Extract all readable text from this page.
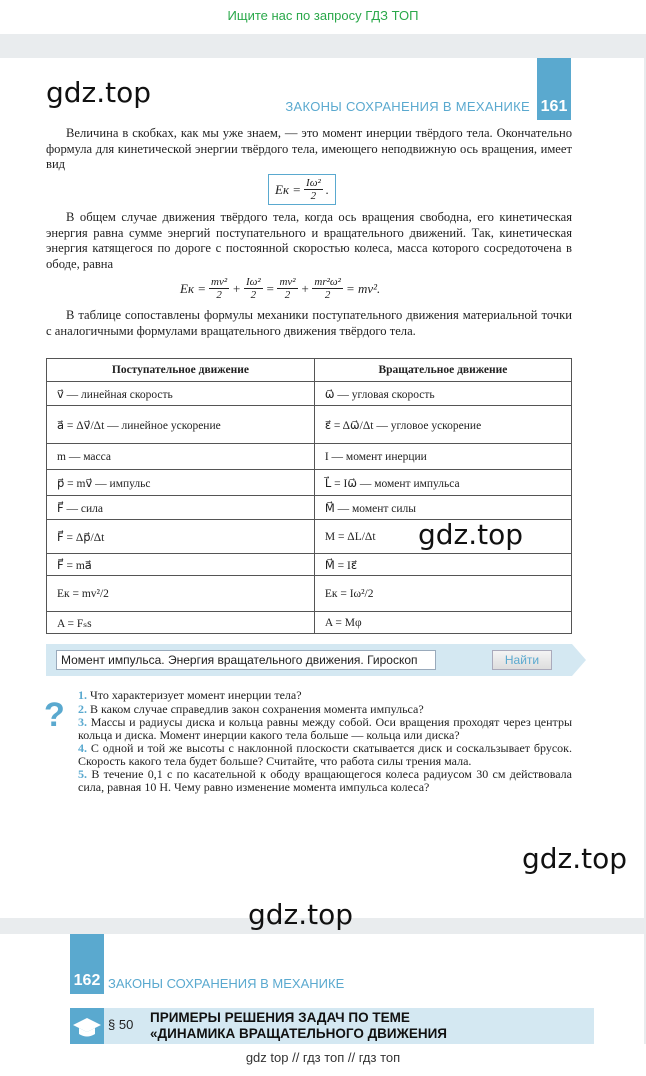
Ищите нас по запросу ГДЗ ТОП
161
ЗАКОНЫ СОХРАНЕНИЯ В МЕХАНИКЕ
gdz.top

Величина в скобках, как мы уже знаем, — это момент инерции твёрдого тела. Окончательно формула для кинетической энергии твёрдого тела, имеющего неподвижную ось вращения, имеет вид

Eк = $\frac{\text{Iω²}}{2}$ .

В общем случае движения твёрдого тела, когда ось вращения свободна, его кинетическая энергия равна сумме энергий поступательного и вращательного движений. Так, кинетическая энергия катящегося по дороге с постоянной скоростью колеса, масса которого сосредоточена в ободе, равна

Eк = $\frac{\text{mv²}}{2} + \frac{\text{Iω²}}{2} = \frac{\text{mv²}}{2} + \frac{\text{mr²ω²}}{2} = mv^2$.

В таблице сопоставлены формулы механики поступательного движения материальной точки с аналогичными формулами вращательного движения твёрдого тела.

Поступательное движение	Вращательное движение
v⃗ — линейная скорость	ω⃗ — угловая скорость
a⃗ = Δv⃗/Δt — линейное ускорение	ε⃗ = Δω⃗/Δt — угловое ускорение
m — масса	I — момент инерции
p⃗ = mv⃗ — импульс	L⃗ = Iω⃗ — момент импульса
F⃗ — сила	M⃗ — момент силы
F⃗ = Δp⃗/Δt	M = ΔL/Δt
F⃗ = ma⃗	M⃗ = Iε⃗
Eк = mv²/2	Eк = Iω²/2
A = Fₛs	A = Mφ
gdz.top
Момент импульса. Энергия вращательного движения. Гироскоп
Найти
?

1. Что характеризует момент инерции тела?

2. В каком случае справедлив закон сохранения момента импульса?

3. Массы и радиусы диска и кольца равны между собой. Оси вращения проходят через центры кольца и диска. Момент инерции какого тела больше — кольца или диска?

4. С одной и той же высоты с наклонной плоскости скатывается диск и соскальзывает брусок. Скорость какого тела будет больше? Считайте, что работа силы трения мала.

5. В течение 0,1 с по касательной к ободу вращающегося колеса радиусом 30 см действовала сила, равная 10 Н. Чему равно изменение момента импульса колеса?

gdz.top
gdz.top
162 ЗАКОНЫ СОХРАНЕНИЯ В МЕХАНИКЕ
§ 50 ПРИМЕРЫ РЕШЕНИЯ ЗАДАЧ ПО ТЕМЕ
«ДИНАМИКА ВРАЩАТЕЛЬНОГО ДВИЖЕНИЯ
gdz top // гдз топ // гдз топ
